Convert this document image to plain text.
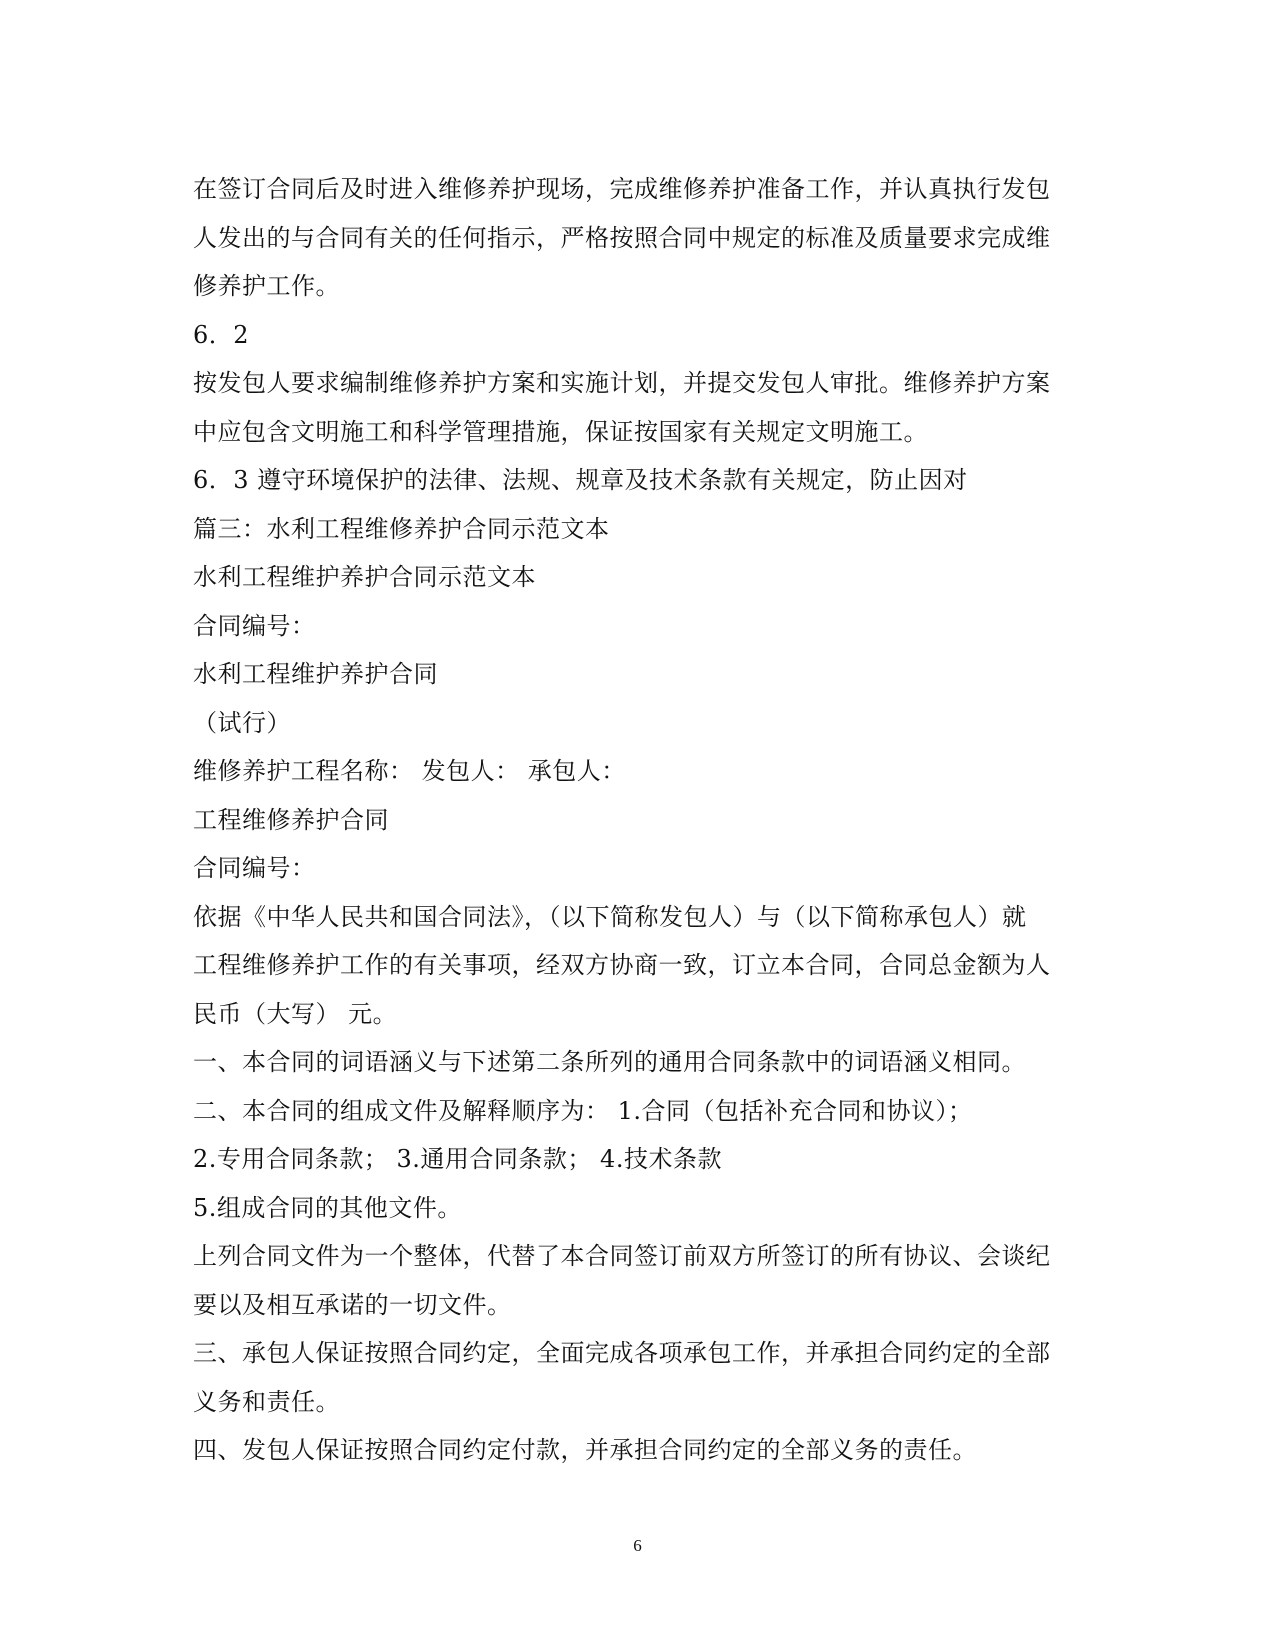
在签订合同后及时进入维修养护现场，完成维修养护准备工作，并认真执行发包
人发出的与合同有关的任何指示，严格按照合同中规定的标准及质量要求完成维
修养护工作。
6．2
按发包人要求编制维修养护方案和实施计划，并提交发包人审批。维修养护方案
中应包含文明施工和科学管理措施，保证按国家有关规定文明施工。
6．3 遵守环境保护的法律、法规、规章及技术条款有关规定，防止因对
篇三：水利工程维修养护合同示范文本
水利工程维护养护合同示范文本
合同编号：
水利工程维护养护合同
（试行）
维修养护工程名称： 发包人： 承包人：
工程维修养护合同
合同编号：
依据《中华人民共和国合同法》，（以下简称发包人）与（以下简称承包人）就
工程维修养护工作的有关事项，经双方协商一致，订立本合同，合同总金额为人
民币（大写） 元。
一、本合同的词语涵义与下述第二条所列的通用合同条款中的词语涵义相同。
二、本合同的组成文件及解释顺序为： 1.合同（包括补充合同和协议）；
2.专用合同条款； 3.通用合同条款； 4.技术条款
5.组成合同的其他文件。
上列合同文件为一个整体，代替了本合同签订前双方所签订的所有协议、会谈纪
要以及相互承诺的一切文件。
三、承包人保证按照合同约定，全面完成各项承包工作，并承担合同约定的全部
义务和责任。
四、发包人保证按照合同约定付款，并承担合同约定的全部义务的责任。
6
